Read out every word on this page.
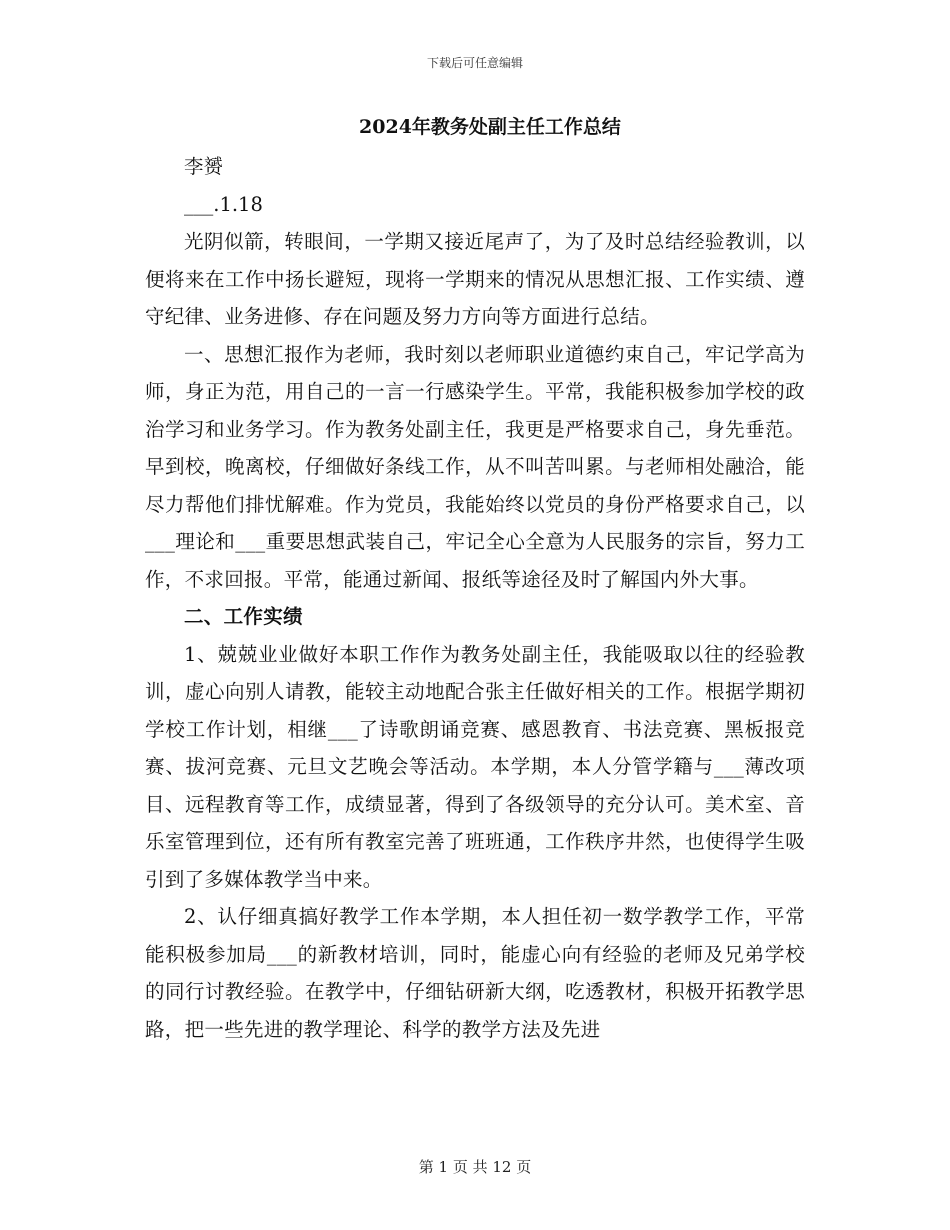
下载后可任意编辑
2024年教务处副主任工作总结

李赟

___.1.18

光阴似箭，转眼间，一学期又接近尾声了，为了及时总结经验教训，以便将来在工作中扬长避短，现将一学期来的情况从思想汇报、工作实绩、遵守纪律、业务进修、存在问题及努力方向等方面进行总结。

一、思想汇报作为老师，我时刻以老师职业道德约束自己，牢记学高为师，身正为范，用自己的一言一行感染学生。平常，我能积极参加学校的政治学习和业务学习。作为教务处副主任，我更是严格要求自己，身先垂范。早到校，晚离校，仔细做好条线工作，从不叫苦叫累。与老师相处融洽，能尽力帮他们排忧解难。作为党员，我能始终以党员的身份严格要求自己，以___理论和___重要思想武装自己，牢记全心全意为人民服务的宗旨，努力工作，不求回报。平常，能通过新闻、报纸等途径及时了解国内外大事。

二、工作实绩

1、兢兢业业做好本职工作作为教务处副主任，我能吸取以往的经验教训，虚心向别人请教，能较主动地配合张主任做好相关的工作。根据学期初学校工作计划，相继___了诗歌朗诵竞赛、感恩教育、书法竞赛、黑板报竞赛、拔河竞赛、元旦文艺晚会等活动。本学期，本人分管学籍与___薄改项目、远程教育等工作，成绩显著，得到了各级领导的充分认可。美术室、音乐室管理到位，还有所有教室完善了班班通，工作秩序井然，也使得学生吸引到了多媒体教学当中来。

2、认仔细真搞好教学工作本学期，本人担任初一数学教学工作，平常能积极参加局___的新教材培训，同时，能虚心向有经验的老师及兄弟学校的同行讨教经验。在教学中，仔细钻研新大纲，吃透教材，积极开拓教学思路，把一些先进的教学理论、科学的教学方法及先进

第 1 页 共 12 页
